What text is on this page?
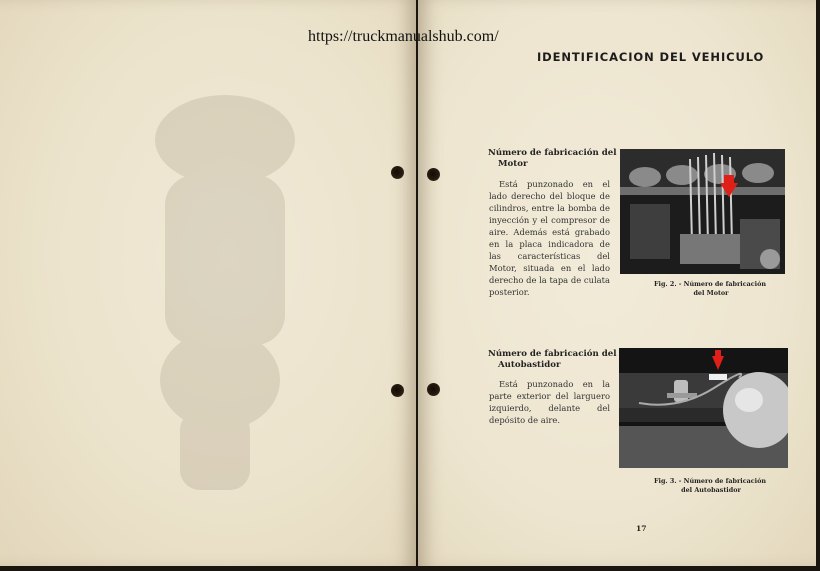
https://truckmanualshub.com/
IDENTIFICACION DEL VEHICULO
Número de fabricación del
Motor
Está punzonado en el lado derecho del bloque de cilindros, entre la bomba de inyección y el compresor de aire. Además está grabado en la placa indicadora de las características del Motor, situada en el lado derecho de la tapa de culata posterior.
Fig. 2. - Número de fabricación
del Motor
Número de fabricación del
Autobastidor
Está punzonado en la parte exterior del larguero izquierdo, delante del depósito de aire.
Fig. 3. - Número de fabricación
del Autobastidor
17
